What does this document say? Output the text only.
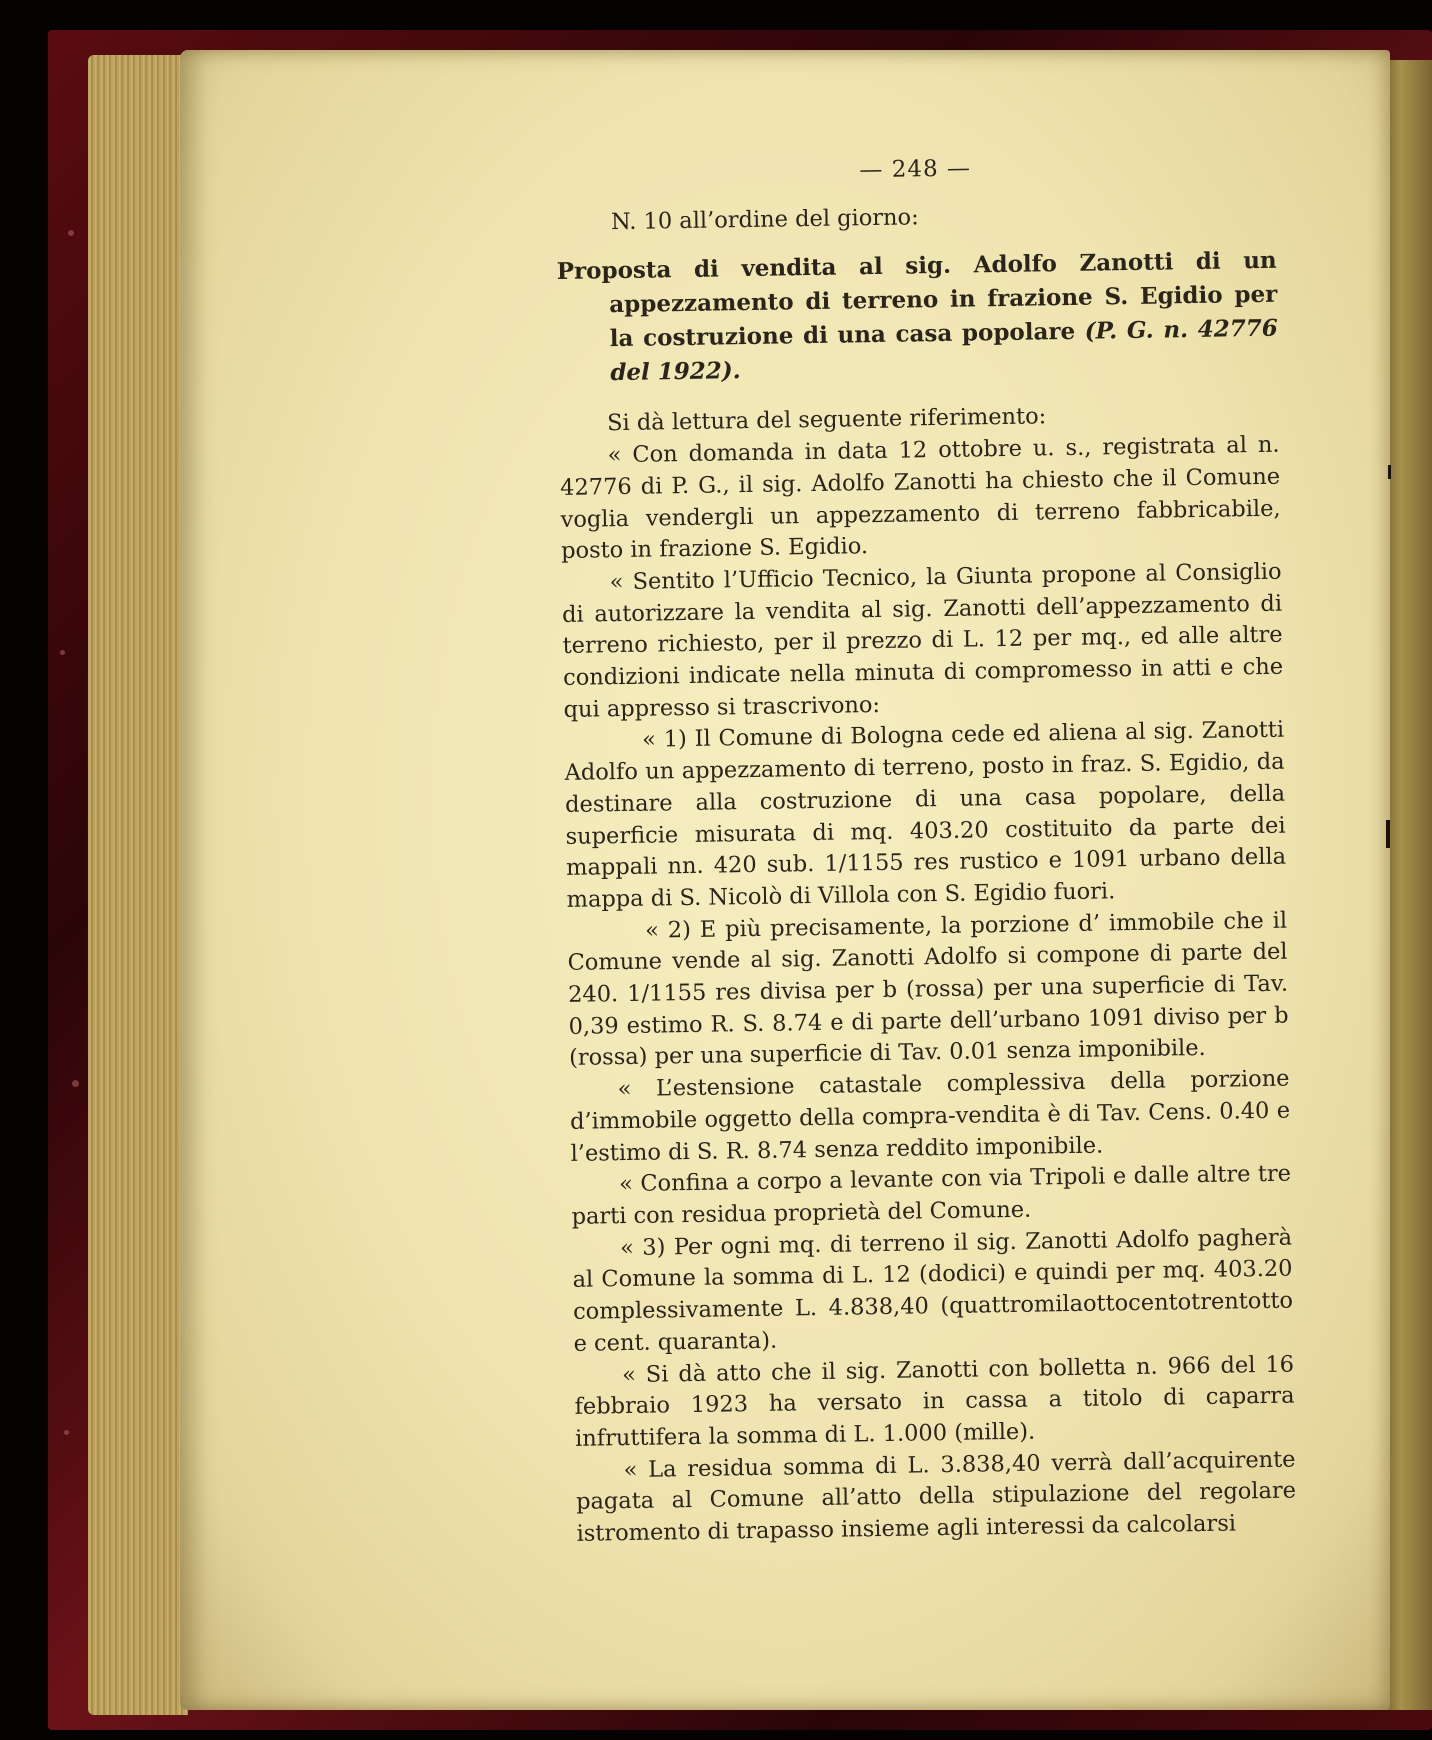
— 248 —

N. 10 all’ordine del giorno:

Proposta di vendita al sig. Adolfo Zanotti di un appezzamento di terreno in frazione S. Egidio per la costruzione di una casa popolare (P. G. n. 42776 del 1922).

Si dà lettura del seguente riferimento:

« Con domanda in data 12 ottobre u. s., registrata al n. 42776 di P. G., il sig. Adolfo Zanotti ha chiesto che il Comune voglia vendergli un appezzamento di terreno fabbricabile, posto in frazione S. Egidio.

« Sentito l’Ufficio Tecnico, la Giunta propone al Consiglio di autorizzare la vendita al sig. Zanotti dell’appezzamento di terreno richiesto, per il prezzo di L. 12 per mq., ed alle altre condizioni indicate nella minuta di compromesso in atti e che qui appresso si trascrivono:

« 1) Il Comune di Bologna cede ed aliena al sig. Zanotti Adolfo un appezzamento di terreno, posto in fraz. S. Egidio, da destinare alla costruzione di una casa popolare, della superficie misurata di mq. 403.20 costituito da parte dei mappali nn. 420 sub. 1/1155 res rustico e 1091 urbano della mappa di S. Nicolò di Villola con S. Egidio fuori.

« 2) E più precisamente, la porzione d’ immobile che il Comune vende al sig. Zanotti Adolfo si compone di parte del 240. 1/1155 res divisa per b (rossa) per una superficie di Tav. 0,39 estimo R. S. 8.74 e di parte dell’urbano 1091 diviso per b (rossa) per una superficie di Tav. 0.01 senza imponibile.

« L’estensione catastale complessiva della porzione d’immobile oggetto della compra-vendita è di Tav. Cens. 0.40 e l’estimo di S. R. 8.74 senza reddito imponibile.

« Confina a corpo a levante con via Tripoli e dalle altre tre parti con residua proprietà del Comune.

« 3) Per ogni mq. di terreno il sig. Zanotti Adolfo pagherà al Comune la somma di L. 12 (dodici) e quindi per mq. 403.20 complessivamente L. 4.838,40 (quattromilaottocentotrentotto e cent. quaranta).

« Si dà atto che il sig. Zanotti con bolletta n. 966 del 16 febbraio 1923 ha versato in cassa a titolo di caparra infruttifera la somma di L. 1.000 (mille).

« La residua somma di L. 3.838,40 verrà dall’acquirente pagata al Comune all’atto della stipulazione del regolare istromento di trapasso insieme agli interessi da calcolarsi
